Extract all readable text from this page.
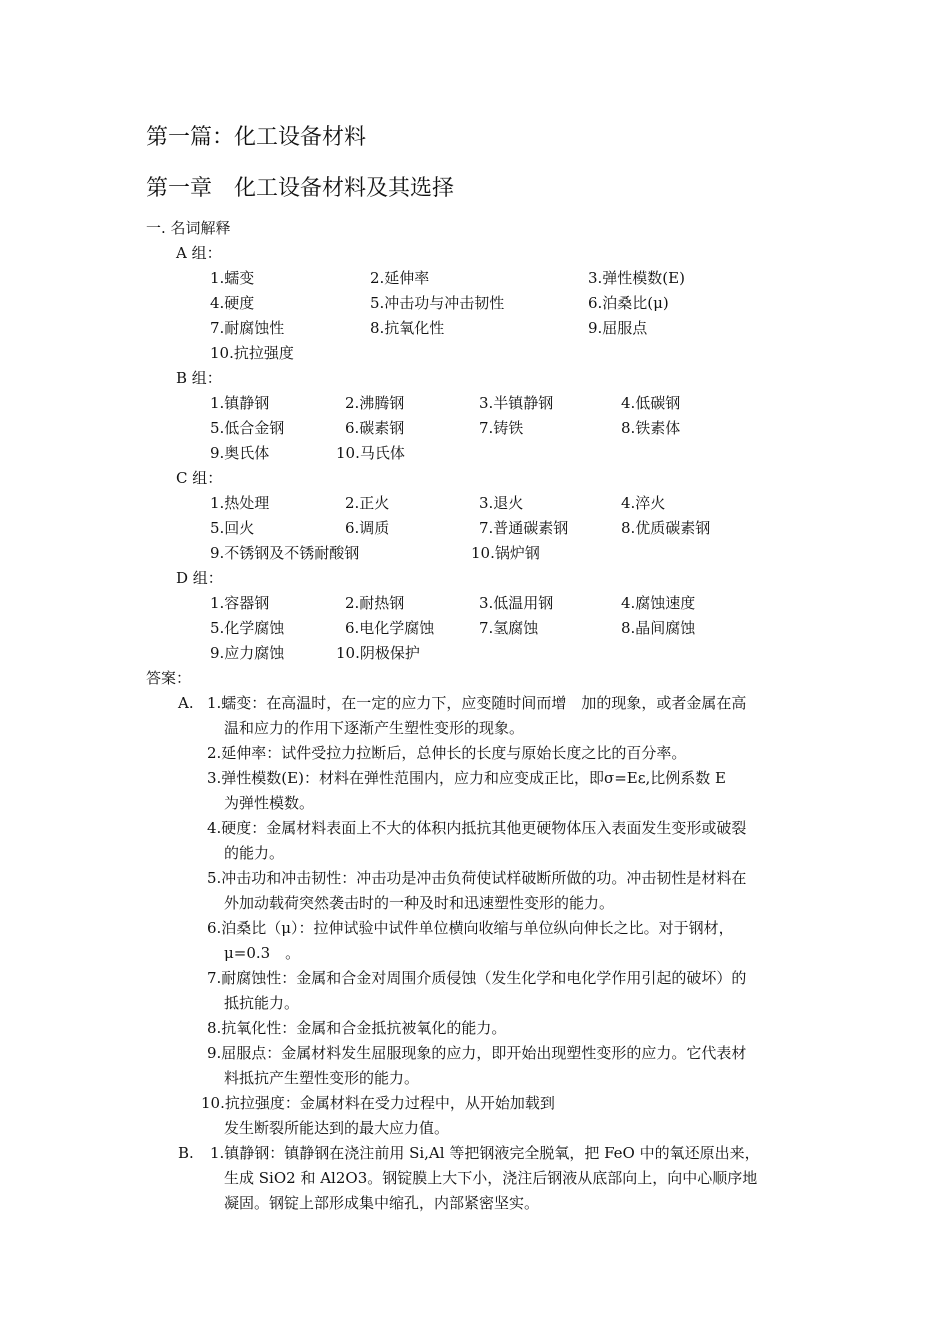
第一篇：化工设备材料
第一章　化工设备材料及其选择
一. 名词解释
A 组：
1.蠕变	2.延伸率	3.弹性模数(E)
4.硬度	5.冲击功与冲击韧性	6.泊桑比(μ)
7.耐腐蚀性	8.抗氧化性	9.屈服点
10.抗拉强度
B 组：
1.镇静钢	2.沸腾钢	3.半镇静钢	4.低碳钢
5.低合金钢	6.碳素钢	7.铸铁	8.铁素体
9.奥氏体	10.马氏体
C 组：
1.热处理	2.正火	3.退火	4.淬火
5.回火	6.调质	7.普通碳素钢	8.优质碳素钢
9.不锈钢及不锈耐酸钢	10.锅炉钢
D 组：
1.容器钢	2.耐热钢	3.低温用钢	4.腐蚀速度
5.化学腐蚀	6.电化学腐蚀	7.氢腐蚀	8.晶间腐蚀
9.应力腐蚀	10.阴极保护
答案：
A. 1.蠕变：在高温时，在一定的应力下，应变随时间而增　加的现象，或者金属在高
温和应力的作用下逐渐产生塑性变形的现象。
2.延伸率：试件受拉力拉断后，总伸长的长度与原始长度之比的百分率。
3.弹性模数(E)：材料在弹性范围内，应力和应变成正比，即σ=Eε,比例系数 E
为弹性模数。
4.硬度：金属材料表面上不大的体积内抵抗其他更硬物体压入表面发生变形或破裂
的能力。
5.冲击功和冲击韧性：冲击功是冲击负荷使试样破断所做的功。冲击韧性是材料在
外加动载荷突然袭击时的一种及时和迅速塑性变形的能力。
6.泊桑比（μ）：拉伸试验中试件单位横向收缩与单位纵向伸长之比。对于钢材，
μ=0.3　。
7.耐腐蚀性：金属和合金对周围介质侵蚀（发生化学和电化学作用引起的破坏）的
抵抗能力。
8.抗氧化性：金属和合金抵抗被氧化的能力。
9.屈服点：金属材料发生屈服现象的应力，即开始出现塑性变形的应力。它代表材
料抵抗产生塑性变形的能力。
10.抗拉强度：金属材料在受力过程中，从开始加载到
发生断裂所能达到的最大应力值。
B. 1.镇静钢：镇静钢在浇注前用 Si,Al 等把钢液完全脱氧，把 FeO 中的氧还原出来，
生成 SiO2 和 Al2O3。钢锭膜上大下小，浇注后钢液从底部向上，向中心顺序地
凝固。钢锭上部形成集中缩孔，内部紧密坚实。
